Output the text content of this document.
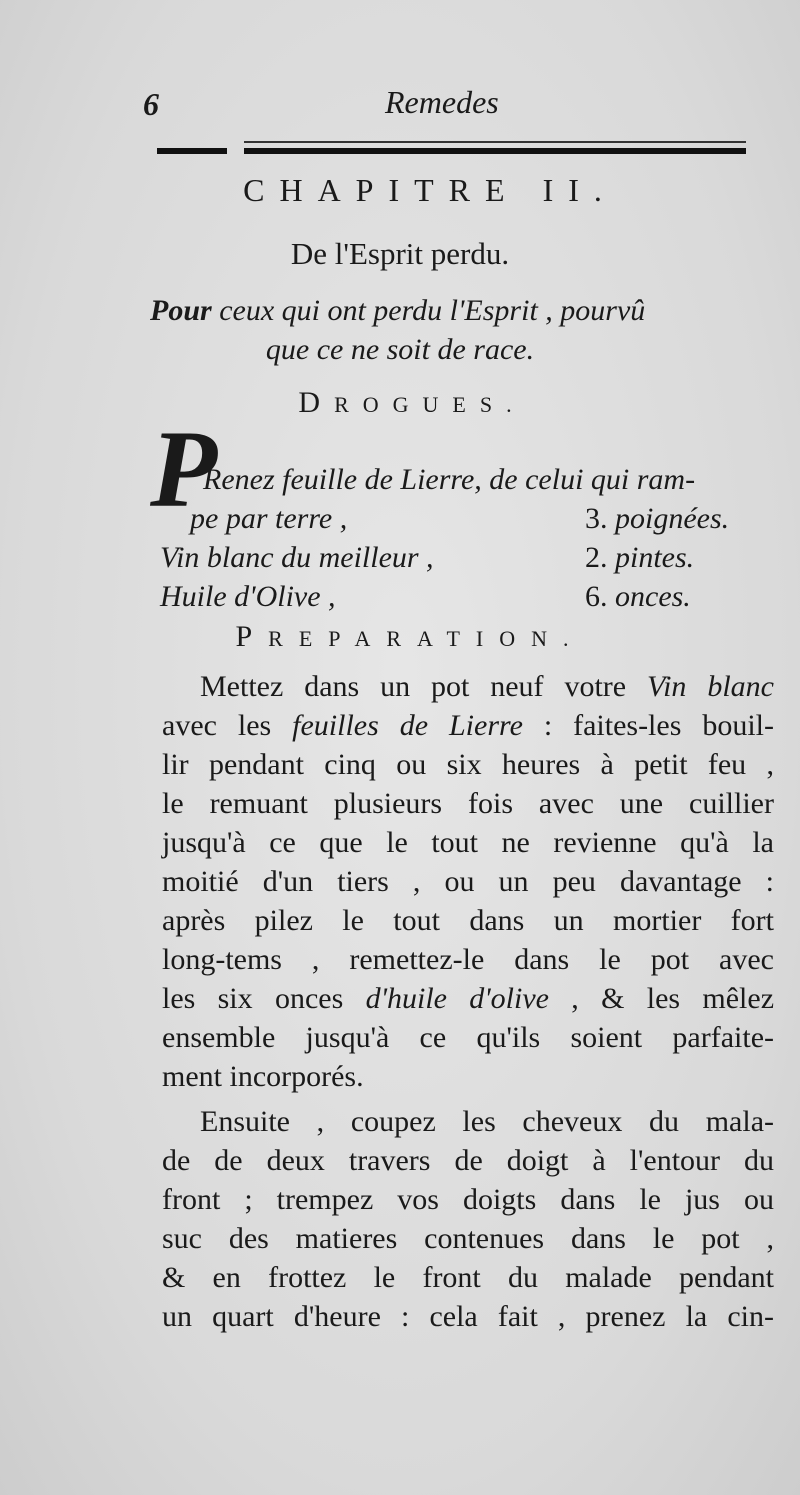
6	Remedes
CHAPITRE II.
De l'Esprit perdu.
Pour ceux qui ont perdu l'Esprit , pourvû
que ce ne soit de race.
DROGUES.
P
Renez feuille de Lierre, de celui qui ram-
pe par terre ,	3. poignées.
Vin blanc du meilleur ,	2. pintes.
Huile d'Olive ,	6. onces.
PREPARATION.
Mettez dans un pot neuf votre Vin blanc
avec les feuilles de Lierre : faites-les bouil-
lir pendant cinq ou six heures à petit feu ,
le remuant plusieurs fois avec une cuillier
jusqu'à ce que le tout ne revienne qu'à la
moitié d'un tiers , ou un peu davantage :
après pilez le tout dans un mortier fort
long-tems , remettez-le dans le pot avec
les six onces d'huile d'olive , & les mêlez
ensemble jusqu'à ce qu'ils soient parfaite-
ment incorporés.
Ensuite , coupez les cheveux du mala-
de de deux travers de doigt à l'entour du
front ; trempez vos doigts dans le jus ou
suc des matieres contenues dans le pot ,
& en frottez le front du malade pendant
un quart d'heure : cela fait , prenez la cin-
